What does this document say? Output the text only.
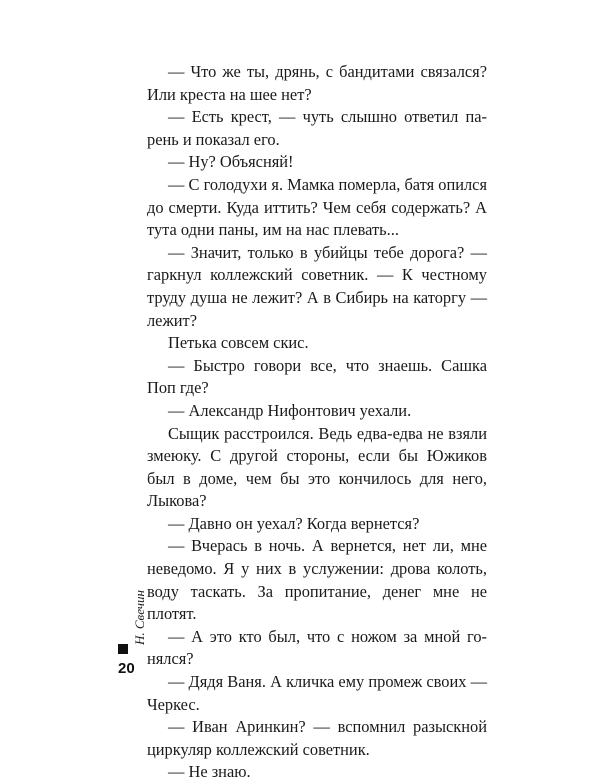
— Что же ты, дрянь, с бандитами связался? Или креста на шее нет?

— Есть крест, — чуть слышно ответил парень и показал его.

— Ну? Объясняй!

— С голодухи я. Мамка померла, батя опился до смерти. Куда иттить? Чем себя содержать? А тута одни паны, им на нас плевать...

— Значит, только в убийцы тебе дорога? — гаркнул коллежский советник. — К честному труду душа не лежит? А в Сибирь на каторгу — лежит?

Петька совсем скис.

— Быстро говори все, что знаешь. Сашка Поп где?

— Александр Нифонтович уехали.

Сыщик расстроился. Ведь едва-едва не взяли змеюку. С другой стороны, если бы Южиков был в доме, чем бы это кончилось для него, Лыкова?

— Давно он уехал? Когда вернется?

— Вчерась в ночь. А вернется, нет ли, мне неведомо. Я у них в услужении: дрова колоть, воду таскать. За пропитание, денег мне не плотят.

— А это кто был, что с ножом за мной гонялся?

— Дядя Ваня. А кличка ему промеж своих — Черкес.

— Иван Аринкин? — вспомнил разыскной циркуляр коллежский советник.

— Не знаю.

Н. Свечин
20
